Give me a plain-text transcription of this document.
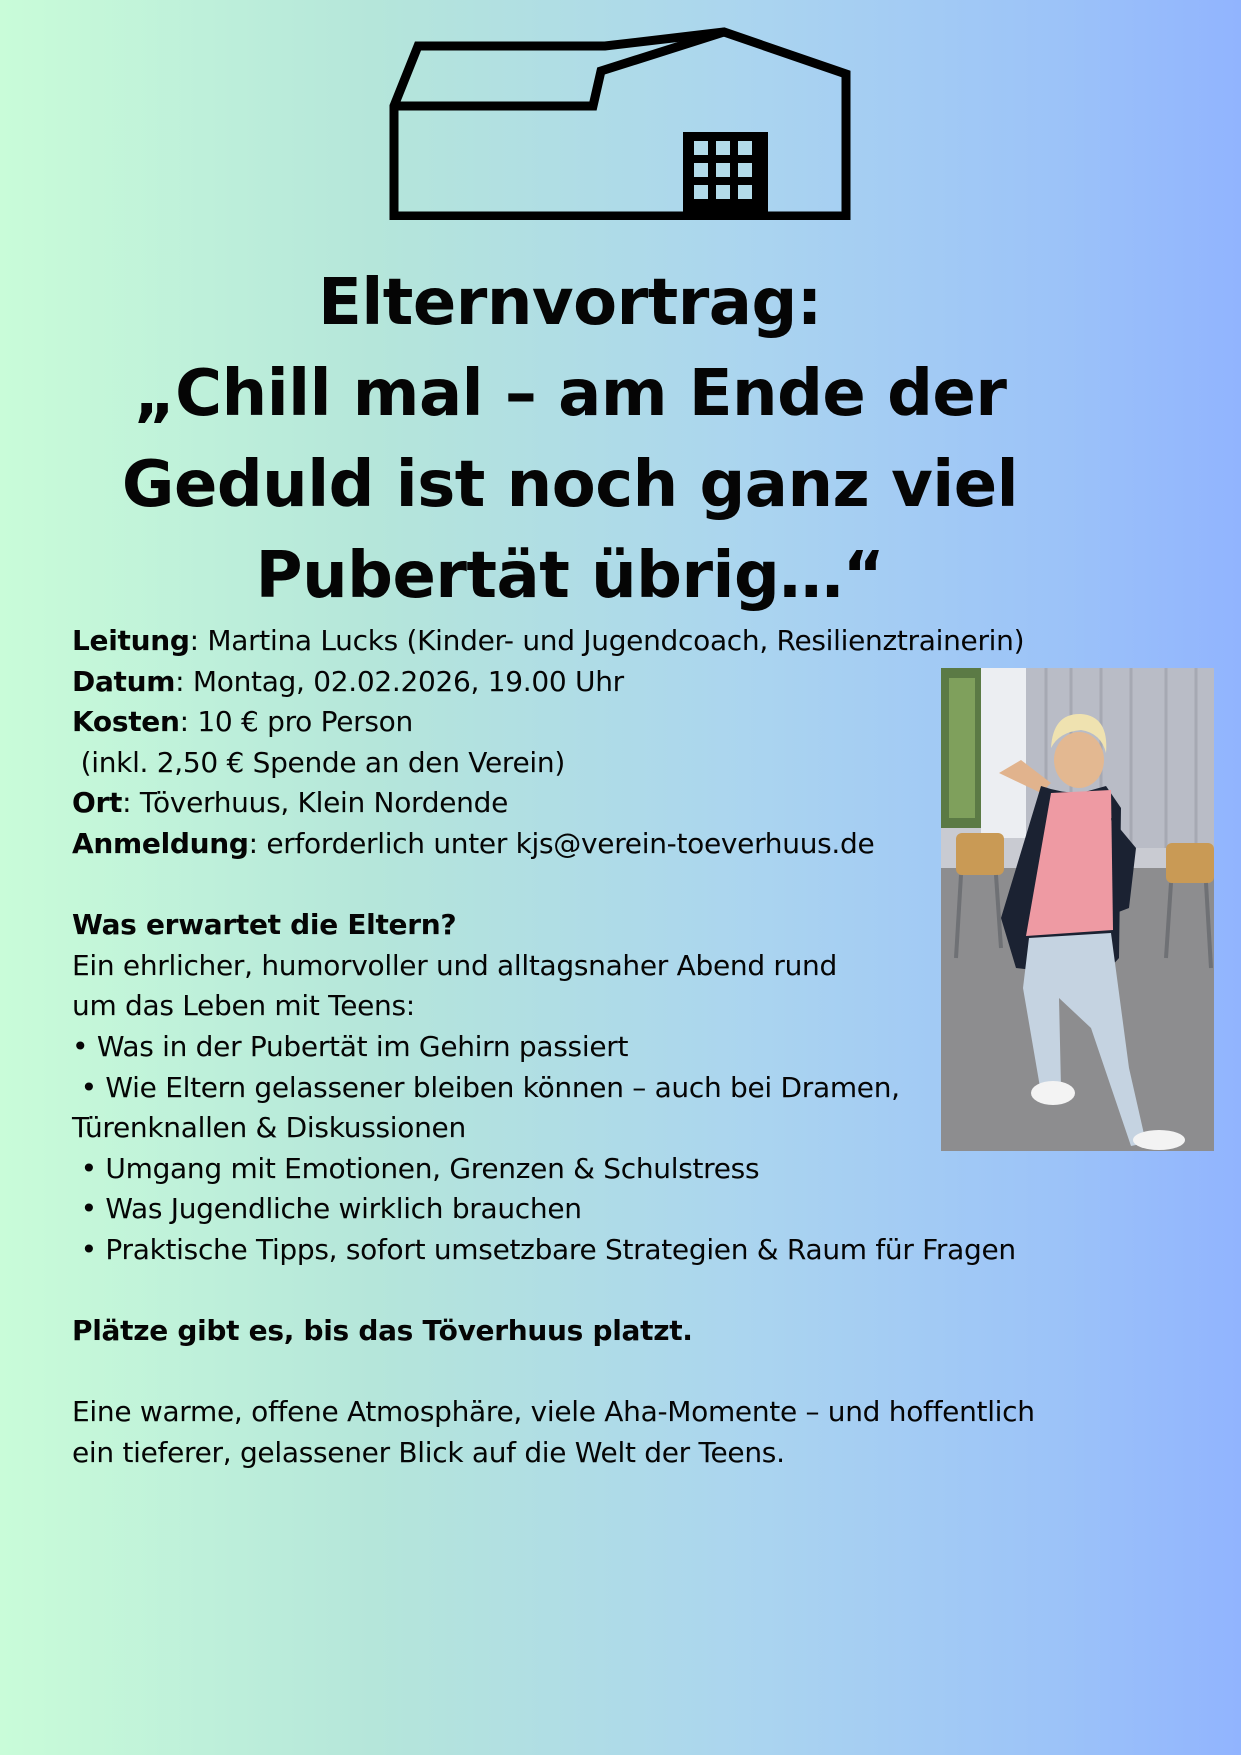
Elternvortrag:
„Chill mal – am Ende der
Geduld ist noch ganz viel
Pubertät übrig…“
Leitung: Martina Lucks (Kinder- und Jugendcoach, Resilienztrainerin)
Datum: Montag, 02.02.2026, 19.00 Uhr
Kosten: 10 € pro Person
(inkl. 2,50 € Spende an den Verein)
Ort: Töverhuus, Klein Nordende
Anmeldung: erforderlich unter kjs@verein-toeverhuus.de
Was erwartet die Eltern?
Ein ehrlicher, humorvoller und alltagsnaher Abend rund
um das Leben mit Teens:
• Was in der Pubertät im Gehirn passiert
• Wie Eltern gelassener bleiben können – auch bei Dramen,
Türenknallen & Diskussionen
• Umgang mit Emotionen, Grenzen & Schulstress
• Was Jugendliche wirklich brauchen
• Praktische Tipps, sofort umsetzbare Strategien & Raum für Fragen
Plätze gibt es, bis das Töverhuus platzt.
Eine warme, offene Atmosphäre, viele Aha-Momente – und hoffentlich
ein tieferer, gelassener Blick auf die Welt der Teens.
